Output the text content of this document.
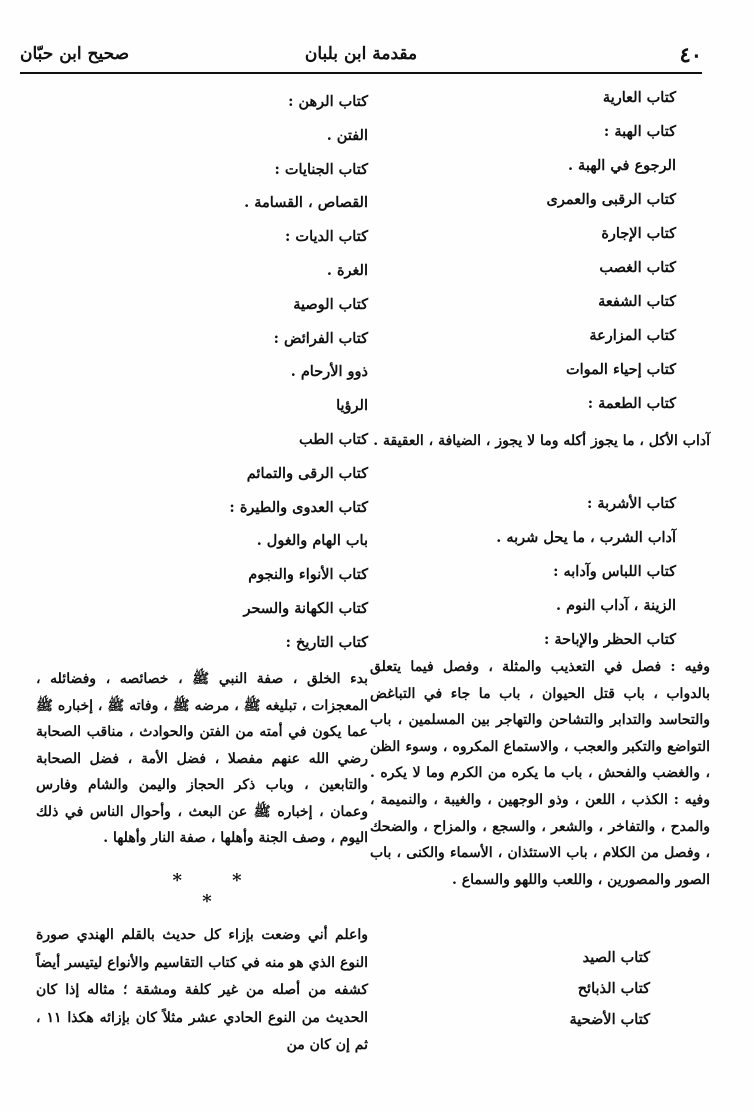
٤٠
مقدمة ابن بلبان
صحيح ابن حبّان
كتاب العارية
كتاب الهبة :
الرجوع في الهبة .
كتاب الرقبى والعمرى
كتاب الإجارة
كتاب الغصب
كتاب الشفعة
كتاب المزارعة
كتاب إحياء الموات
كتاب الطعمة :
آداب الأكل ، ما يجوز أكله وما لا يجوز ، الضيافة ، العقيقة .
كتاب الأشربة :
آداب الشرب ، ما يحل شربه .
كتاب اللباس وآدابه :
الزينة ، آداب النوم .
كتاب الحظر والإباحة :
وفيه : فصل في التعذيب والمثلة ، وفصل فيما يتعلق بالدواب ، باب قتل الحيوان ، باب ما جاء في التباغض والتحاسد والتدابر والتشاحن والتهاجر بين المسلمين ، باب التواضع والتكبر والعجب ، والاستماع المكروه ، وسوء الظن ، والغضب والفحش ، باب ما يكره من الكرم وما لا يكره . وفيه : الكذب ، اللعن ، وذو الوجهين ، والغيبة ، والنميمة ، والمدح ، والتفاخر ، والشعر ، والسجع ، والمزاح ، والضحك ، وفصل من الكلام ، باب الاستئذان ، الأسماء والكنى ، باب الصور والمصورين ، واللعب واللهو والسماع .
كتاب الصيد
كتاب الذبائح
كتاب الأضحية
كتاب الرهن :
الفتن .
كتاب الجنايات :
القصاص ، القسامة .
كتاب الديات :
الغرة .
كتاب الوصية
كتاب الفرائض :
ذوو الأرحام .
الرؤيا
كتاب الطب
كتاب الرقى والتمائم
كتاب العدوى والطيرة :
باب الهام والغول .
كتاب الأنواء والنجوم
كتاب الكهانة والسحر
كتاب التاريخ :
بدء الخلق ، صفة النبي ﷺ ، خصائصه ، وفضائله ، المعجزات ، تبليغه ﷺ ، مرضه ﷺ ، وفاته ﷺ ، إخباره ﷺ عما يكون في أمته من الفتن والحوادث ، مناقب الصحابة رضي الله عنهم مفصلا ، فضل الأمة ، فضل الصحابة والتابعين ، وباب ذكر الحجاز واليمن والشام وفارس وعمان ، إخباره ﷺ عن البعث ، وأحوال الناس في ذلك اليوم ، وصف الجنة وأهلها ، صفة النار وأهلها .
* * *
واعلم أني وضعت بإزاء كل حديث بالقلم الهندي صورة النوع الذي هو منه في كتاب التقاسيم والأنواع ليتيسر أيضاً كشفه من أصله من غير كلفة ومشقة ؛ مثاله إذا كان الحديث من النوع الحادي عشر مثلاً كان بإزائه هكذا ١١ ، ثم إن كان من
